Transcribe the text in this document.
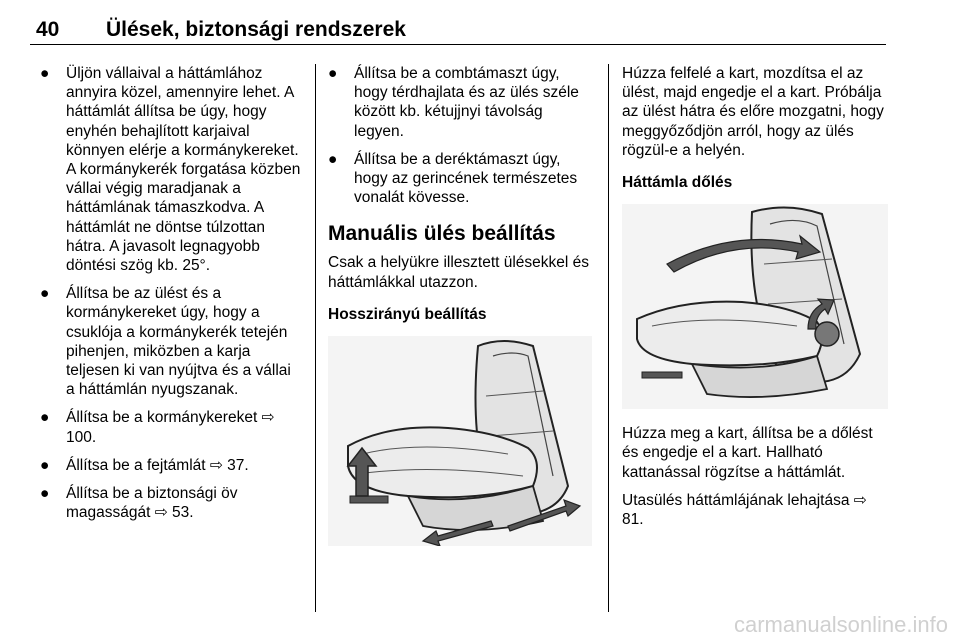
40 Ülések, biztonsági rendszerek
● Üljön vállaival a háttámlához annyira közel, amennyire lehet. A háttámlát állítsa be úgy, hogy enyhén behajlított karjaival könnyen elérje a kormánykereket. A kormánykerék forgatása közben vállai végig maradjanak a háttámlának támaszkodva. A háttámlát ne döntse túlzottan hátra. A javasolt legnagyobb döntési szög kb. 25°.
● Állítsa be az ülést és a kormánykereket úgy, hogy a csuklója a kormánykerék tetején pihenjen, miközben a karja teljesen ki van nyújtva és a vállai a háttámlán nyugszanak.
● Állítsa be a kormánykereket ⇨ 100.
● Állítsa be a fejtámlát ⇨ 37.
● Állítsa be a biztonsági öv magasságát ⇨ 53.
● Állítsa be a combtámaszt úgy, hogy térdhajlata és az ülés széle között kb. kétujjnyi távolság legyen.
● Állítsa be a deréktámaszt úgy, hogy az gerincének természetes vonalát kövesse.
Manuális ülés beállítás

Csak a helyükre illesztett ülésekkel és háttámlákkal utazzon.

Hosszirányú beállítás

Húzza felfelé a kart, mozdítsa el az ülést, majd engedje el a kart. Próbálja az ülést hátra és előre mozgatni, hogy meggyőződjön arról, hogy az ülés rögzül-e a helyén.

Háttámla dőlés

Húzza meg a kart, állítsa be a dőlést és engedje el a kart. Hallható kattanással rögzítse a háttámlát.

Utasülés háttámlájának lehajtása ⇨ 81.

carmanualsonline.info
